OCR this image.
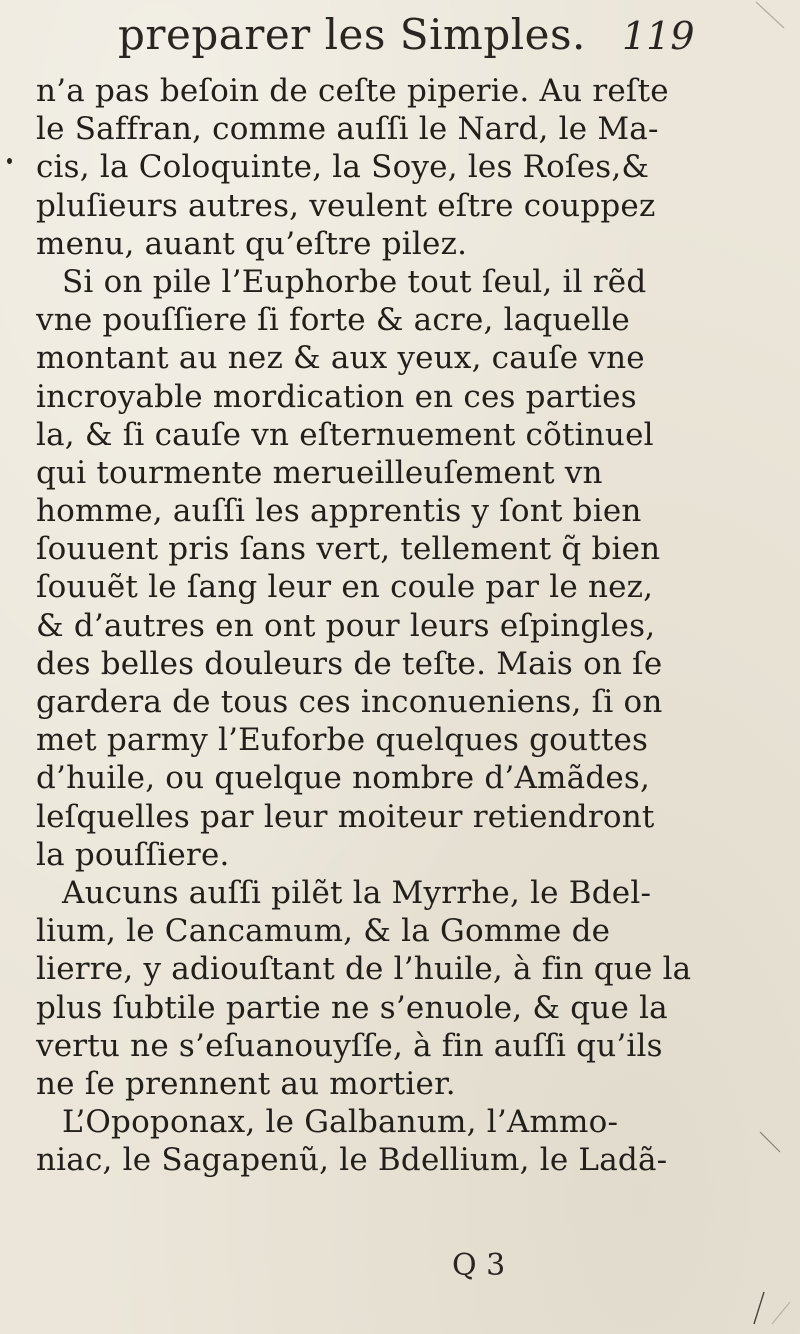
preparer les Simples. 119
n’a pas beſoin de ceſte piperie. Au reſte
le Saffran, comme auſſi le Nard, le Ma-
cis, la Coloquinte, la Soye, les Roſes,&
pluſieurs autres, veulent eſtre couppez
menu, auant qu’eſtre pilez.
Si on pile l’Euphorbe tout ſeul, il rẽd
vne pouſſiere ſi forte & acre, laquelle
montant au nez & aux yeux, cauſe vne
incroyable mordication en ces parties
la, & ſi cauſe vn eſternuement cõtinuel
qui tourmente merueilleuſement vn
homme, auſſi les apprentis y ſont bien
ſouuent pris ſans vert, tellement q̃ bien
ſouuẽt le ſang leur en coule par le nez,
& d’autres en ont pour leurs eſpingles,
des belles douleurs de teſte. Mais on ſe
gardera de tous ces inconueniens, ſi on
met parmy l’Euforbe quelques gouttes
d’huile, ou quelque nombre d’Amãdes,
leſquelles par leur moiteur retiendront
la pouſſiere.
Aucuns auſſi pilẽt la Myrrhe, le Bdel-
lium, le Cancamum, & la Gomme de
lierre, y adiouſtant de l’huile, à fin que la
plus ſubtile partie ne s’enuole, & que la
vertu ne s’eſuanouyſſe, à fin auſſi qu’ils
ne ſe prennent au mortier.
L’Opoponax, le Galbanum, l’Ammo-
niac, le Sagapenũ, le Bdellium, le Ladã-
Q 3
